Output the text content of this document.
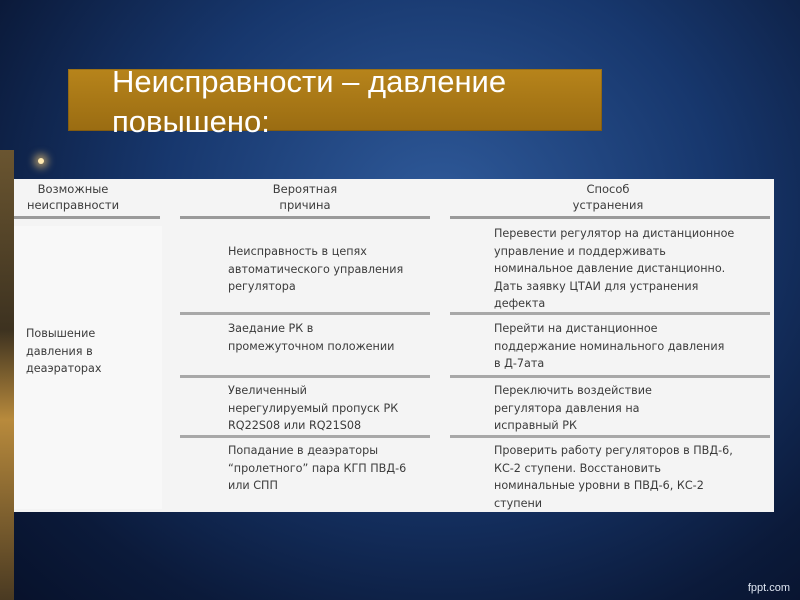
Неисправности – давление
повышено:
Возможные
неисправности
Вероятная
причина
Способ
устранения
Повышение
давления в
деаэраторах
Неисправность в цепях
автоматического управления
регулятора
Перевести регулятор на дистанционное
управление и поддерживать
номинальное давление дистанционно.
Дать заявку ЦТАИ для устранения
дефекта
Заедание РК в
промежуточном положении
Перейти на дистанционное
поддержание номинального давления
в Д-7ата
Увеличенный
нерегулируемый пропуск РК
RQ22S08 или RQ21S08
Переключить воздействие
регулятора давления на
исправный РК
Попадание в деаэраторы
“пролетного” пара КГП ПВД-6
или СПП
Проверить работу регуляторов в ПВД-6,
КС-2 ступени. Восстановить
номинальные уровни в ПВД-6, КС-2
ступени
fppt.com
